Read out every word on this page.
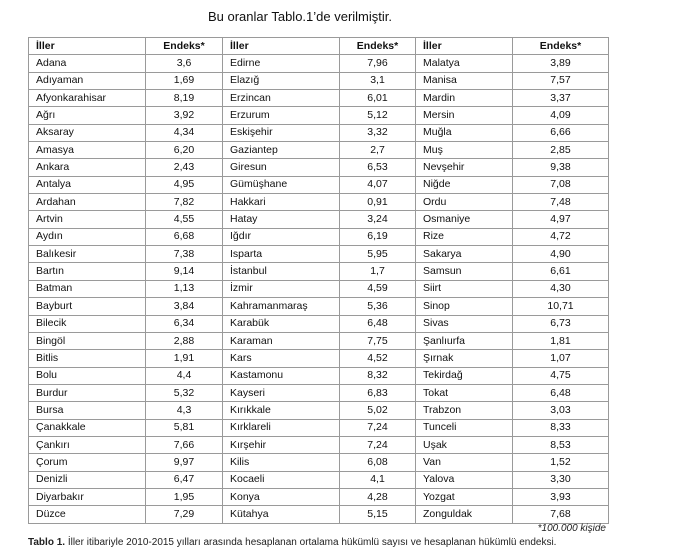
Bu oranlar Tablo.1’de verilmiştir.
İller	Endeks*	İller	Endeks*	İller	Endeks*
Adana	3,6	Edirne	7,96	Malatya	3,89
Adıyaman	1,69	Elazığ	3,1	Manisa	7,57
Afyonkarahisar	8,19	Erzincan	6,01	Mardin	3,37
Ağrı	3,92	Erzurum	5,12	Mersin	4,09
Aksaray	4,34	Eskişehir	3,32	Muğla	6,66
Amasya	6,20	Gaziantep	2,7	Muş	2,85
Ankara	2,43	Giresun	6,53	Nevşehir	9,38
Antalya	4,95	Gümüşhane	4,07	Niğde	7,08
Ardahan	7,82	Hakkari	0,91	Ordu	7,48
Artvin	4,55	Hatay	3,24	Osmaniye	4,97
Aydın	6,68	Iğdır	6,19	Rize	4,72
Balıkesir	7,38	Isparta	5,95	Sakarya	4,90
Bartın	9,14	İstanbul	1,7	Samsun	6,61
Batman	1,13	İzmir	4,59	Siirt	4,30
Bayburt	3,84	Kahramanmaraş	5,36	Sinop	10,71
Bilecik	6,34	Karabük	6,48	Sivas	6,73
Bingöl	2,88	Karaman	7,75	Şanlıurfa	1,81
Bitlis	1,91	Kars	4,52	Şırnak	1,07
Bolu	4,4	Kastamonu	8,32	Tekirdağ	4,75
Burdur	5,32	Kayseri	6,83	Tokat	6,48
Bursa	4,3	Kırıkkale	5,02	Trabzon	3,03
Çanakkale	5,81	Kırklareli	7,24	Tunceli	8,33
Çankırı	7,66	Kırşehir	7,24	Uşak	8,53
Çorum	9,97	Kilis	6,08	Van	1,52
Denizli	6,47	Kocaeli	4,1	Yalova	3,30
Diyarbakır	1,95	Konya	4,28	Yozgat	3,93
Düzce	7,29	Kütahya	5,15	Zonguldak	7,68
*100.000 kişide
Tablo 1. İller itibariyle 2010-2015 yılları arasında hesaplanan ortalama hükümlü sayısı ve hesaplanan hükümlü endeksi.
